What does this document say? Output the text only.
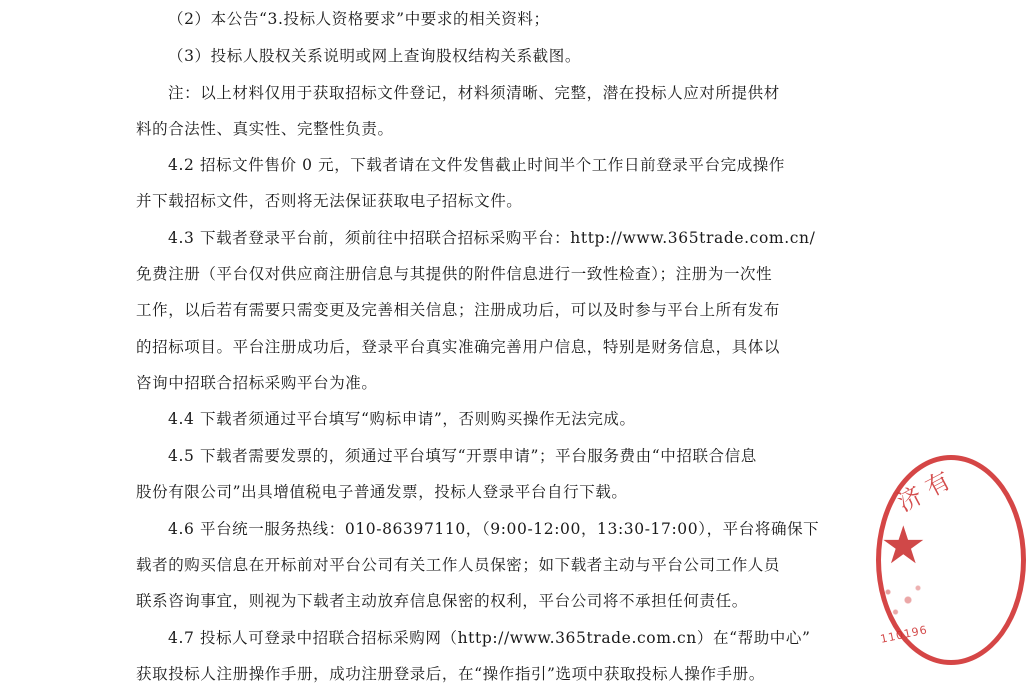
（2）本公告“3.投标人资格要求”中要求的相关资料；
（3）投标人股权关系说明或网上查询股权结构关系截图。
注：以上材料仅用于获取招标文件登记，材料须清晰、完整，潜在投标人应对所提供材
料的合法性、真实性、完整性负责。
4.2 招标文件售价 0 元，下载者请在文件发售截止时间半个工作日前登录平台完成操作
并下载招标文件，否则将无法保证获取电子招标文件。
4.3 下载者登录平台前，须前往中招联合招标采购平台：http://www.365trade.com.cn/
免费注册（平台仅对供应商注册信息与其提供的附件信息进行一致性检查）；注册为一次性
工作，以后若有需要只需变更及完善相关信息；注册成功后，可以及时参与平台上所有发布
的招标项目。平台注册成功后，登录平台真实准确完善用户信息，特别是财务信息，具体以
咨询中招联合招标采购平台为准。
4.4 下载者须通过平台填写“购标申请”，否则购买操作无法完成。
4.5 下载者需要发票的，须通过平台填写“开票申请”；平台服务费由“中招联合信息
股份有限公司”出具增值税电子普通发票，投标人登录平台自行下载。
4.6 平台统一服务热线：010-86397110，（9:00-12:00，13:30-17:00），平台将确保下
载者的购买信息在开标前对平台公司有关工作人员保密；如下载者主动与平台公司工作人员
联系咨询事宜，则视为下载者主动放弃信息保密的权利，平台公司将不承担任何责任。
4.7 投标人可登录中招联合招标采购网（http://www.365trade.com.cn）在“帮助中心”
获取投标人注册操作手册，成功注册登录后，在“操作指引”选项中获取投标人操作手册。
济 有
★
110196
